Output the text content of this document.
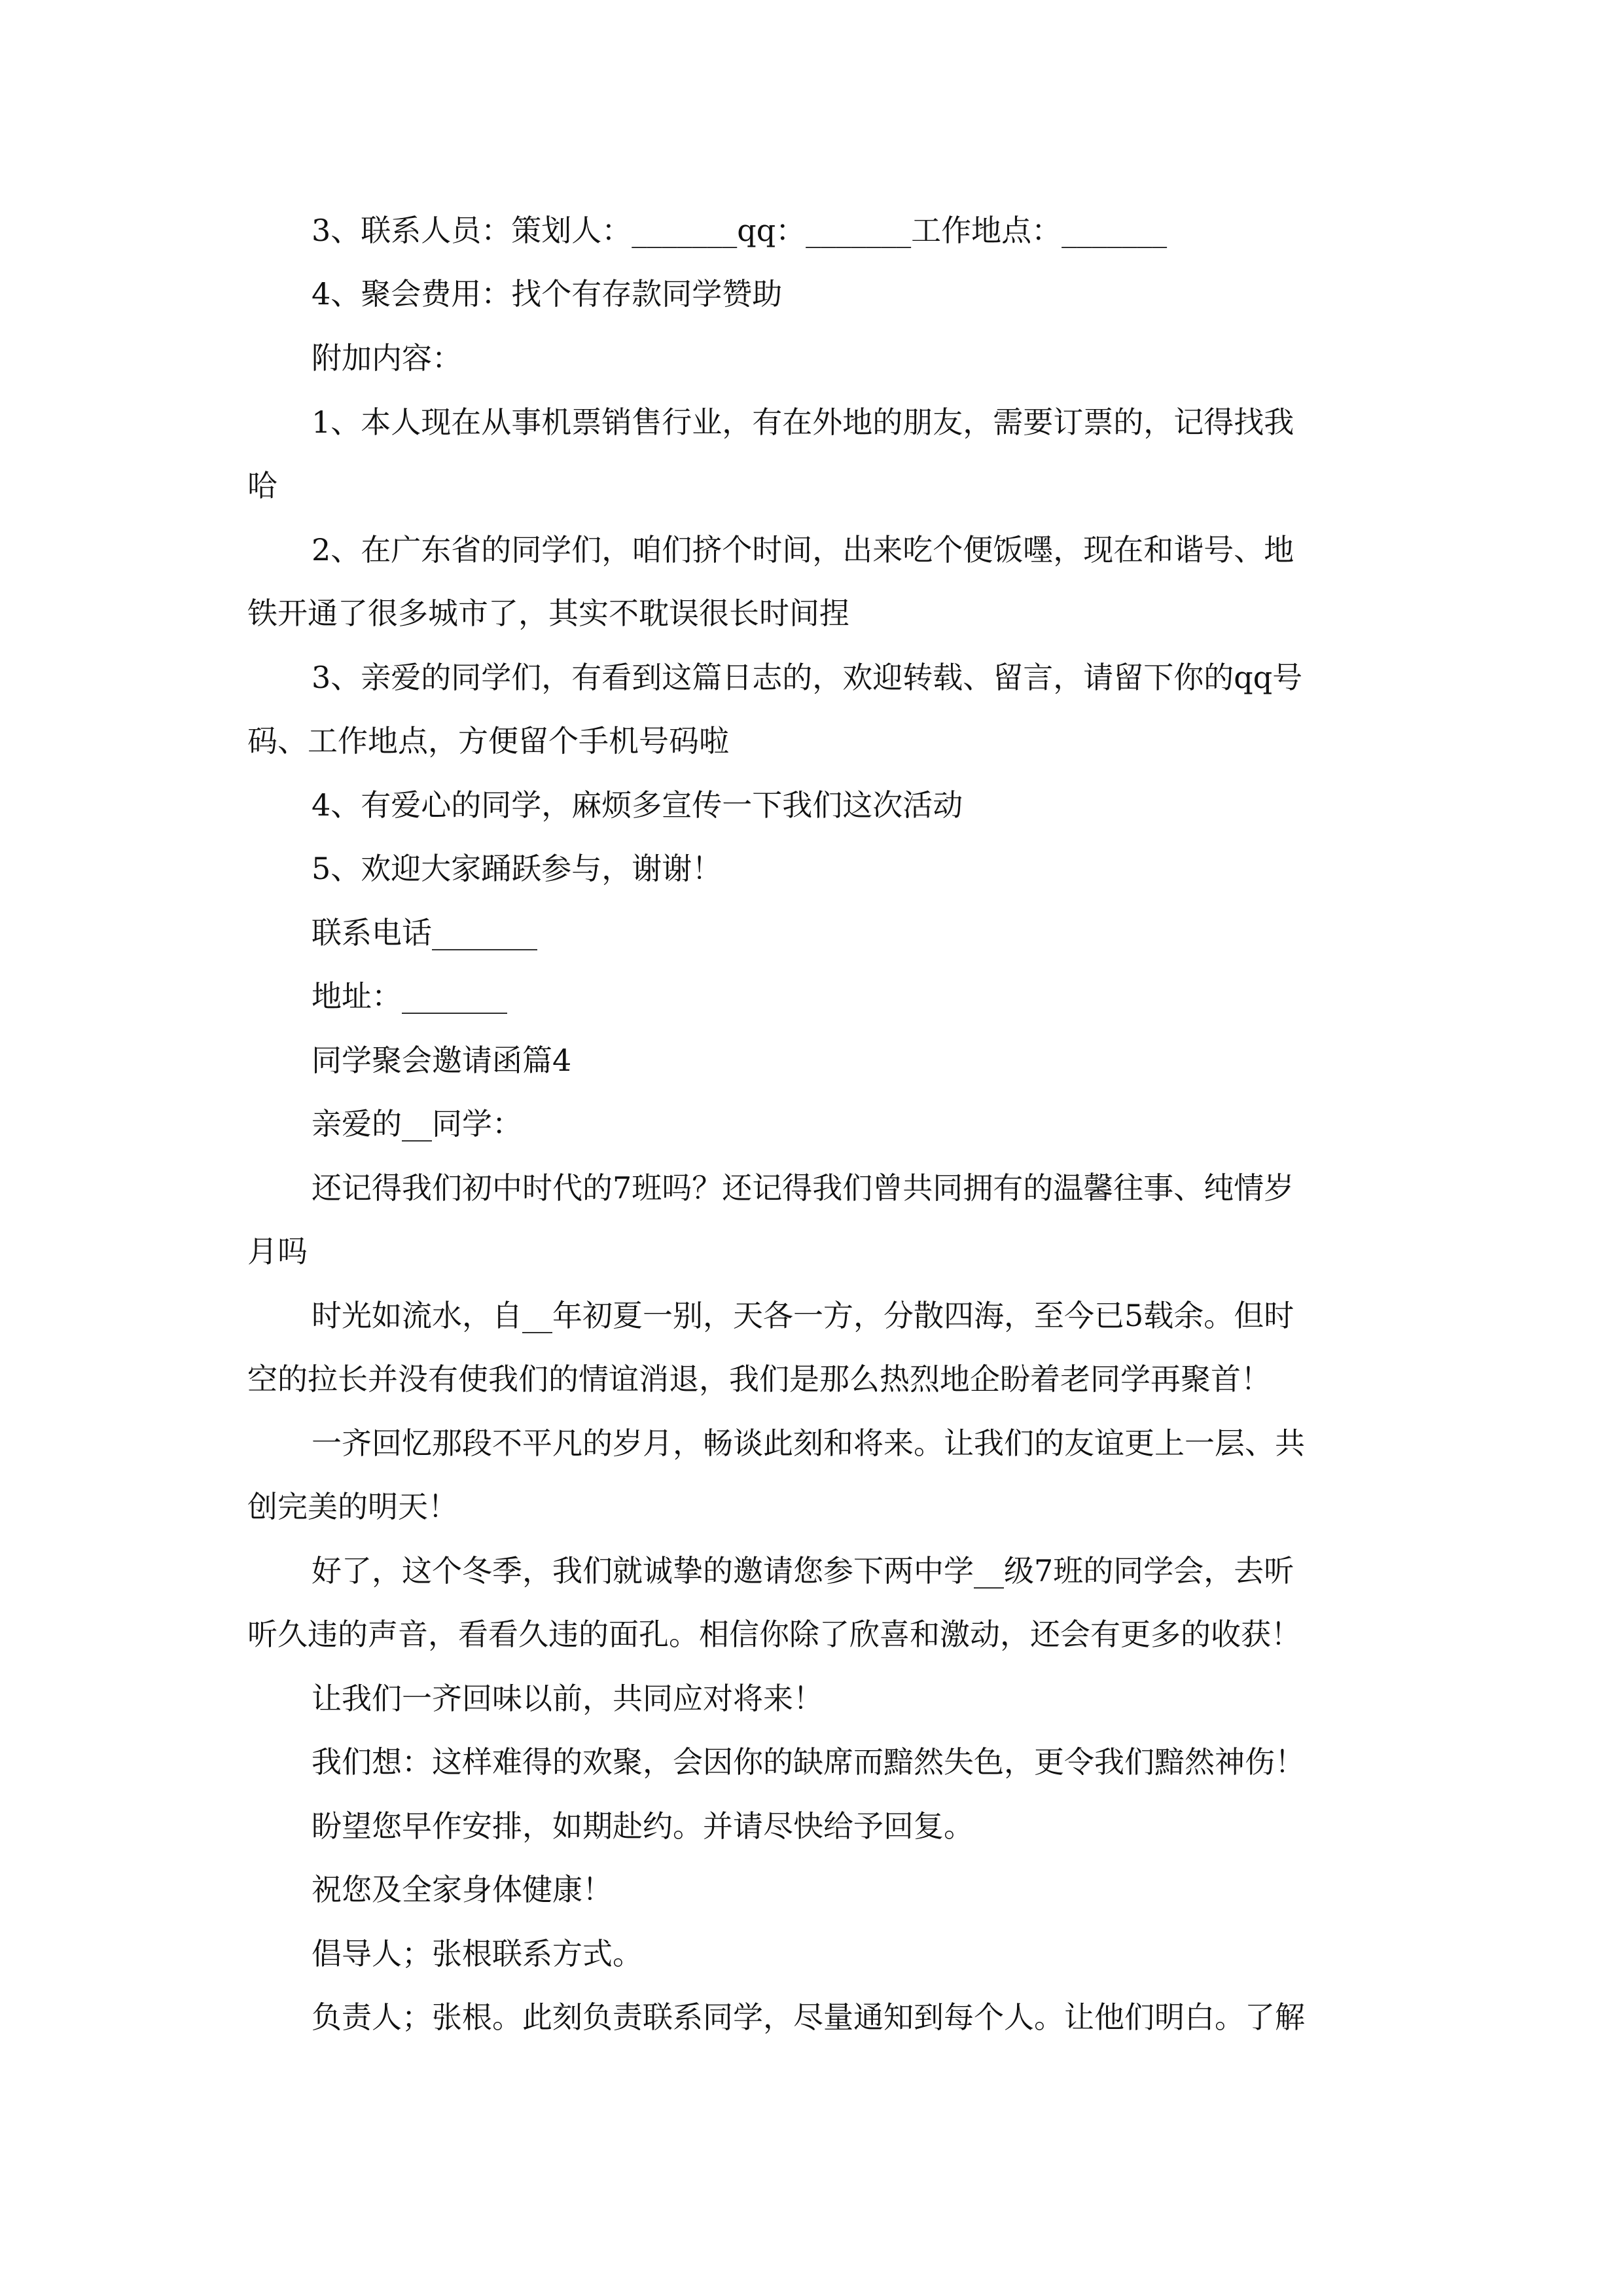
3、联系人员：策划人：_______qq：_______工作地点：_______
4、聚会费用：找个有存款同学赞助
附加内容：
1、本人现在从事机票销售行业，有在外地的朋友，需要订票的，记得找我
哈
2、在广东省的同学们，咱们挤个时间，出来吃个便饭嚜，现在和谐号、地
铁开通了很多城市了，其实不耽误很长时间捏
3、亲爱的同学们，有看到这篇日志的，欢迎转载、留言，请留下你的qq号
码、工作地点，方便留个手机号码啦
4、有爱心的同学，麻烦多宣传一下我们这次活动
5、欢迎大家踊跃参与，谢谢！
联系电话_______
地址：_______
同学聚会邀请函篇4
亲爱的__同学：
还记得我们初中时代的7班吗？还记得我们曾共同拥有的温馨往事、纯情岁
月吗
时光如流水，自__年初夏一别，天各一方，分散四海，至今已5载余。但时
空的拉长并没有使我们的情谊消退，我们是那么热烈地企盼着老同学再聚首！
一齐回忆那段不平凡的岁月，畅谈此刻和将来。让我们的友谊更上一层、共
创完美的明天！
好了，这个冬季，我们就诚挚的邀请您参下两中学__级7班的同学会，去听
听久违的声音，看看久违的面孔。相信你除了欣喜和激动，还会有更多的收获！
让我们一齐回味以前，共同应对将来！
我们想：这样难得的欢聚，会因你的缺席而黯然失色，更令我们黯然神伤！
盼望您早作安排，如期赴约。并请尽快给予回复。
祝您及全家身体健康！
倡导人；张根联系方式。
负责人；张根。此刻负责联系同学，尽量通知到每个人。让他们明白。了解
